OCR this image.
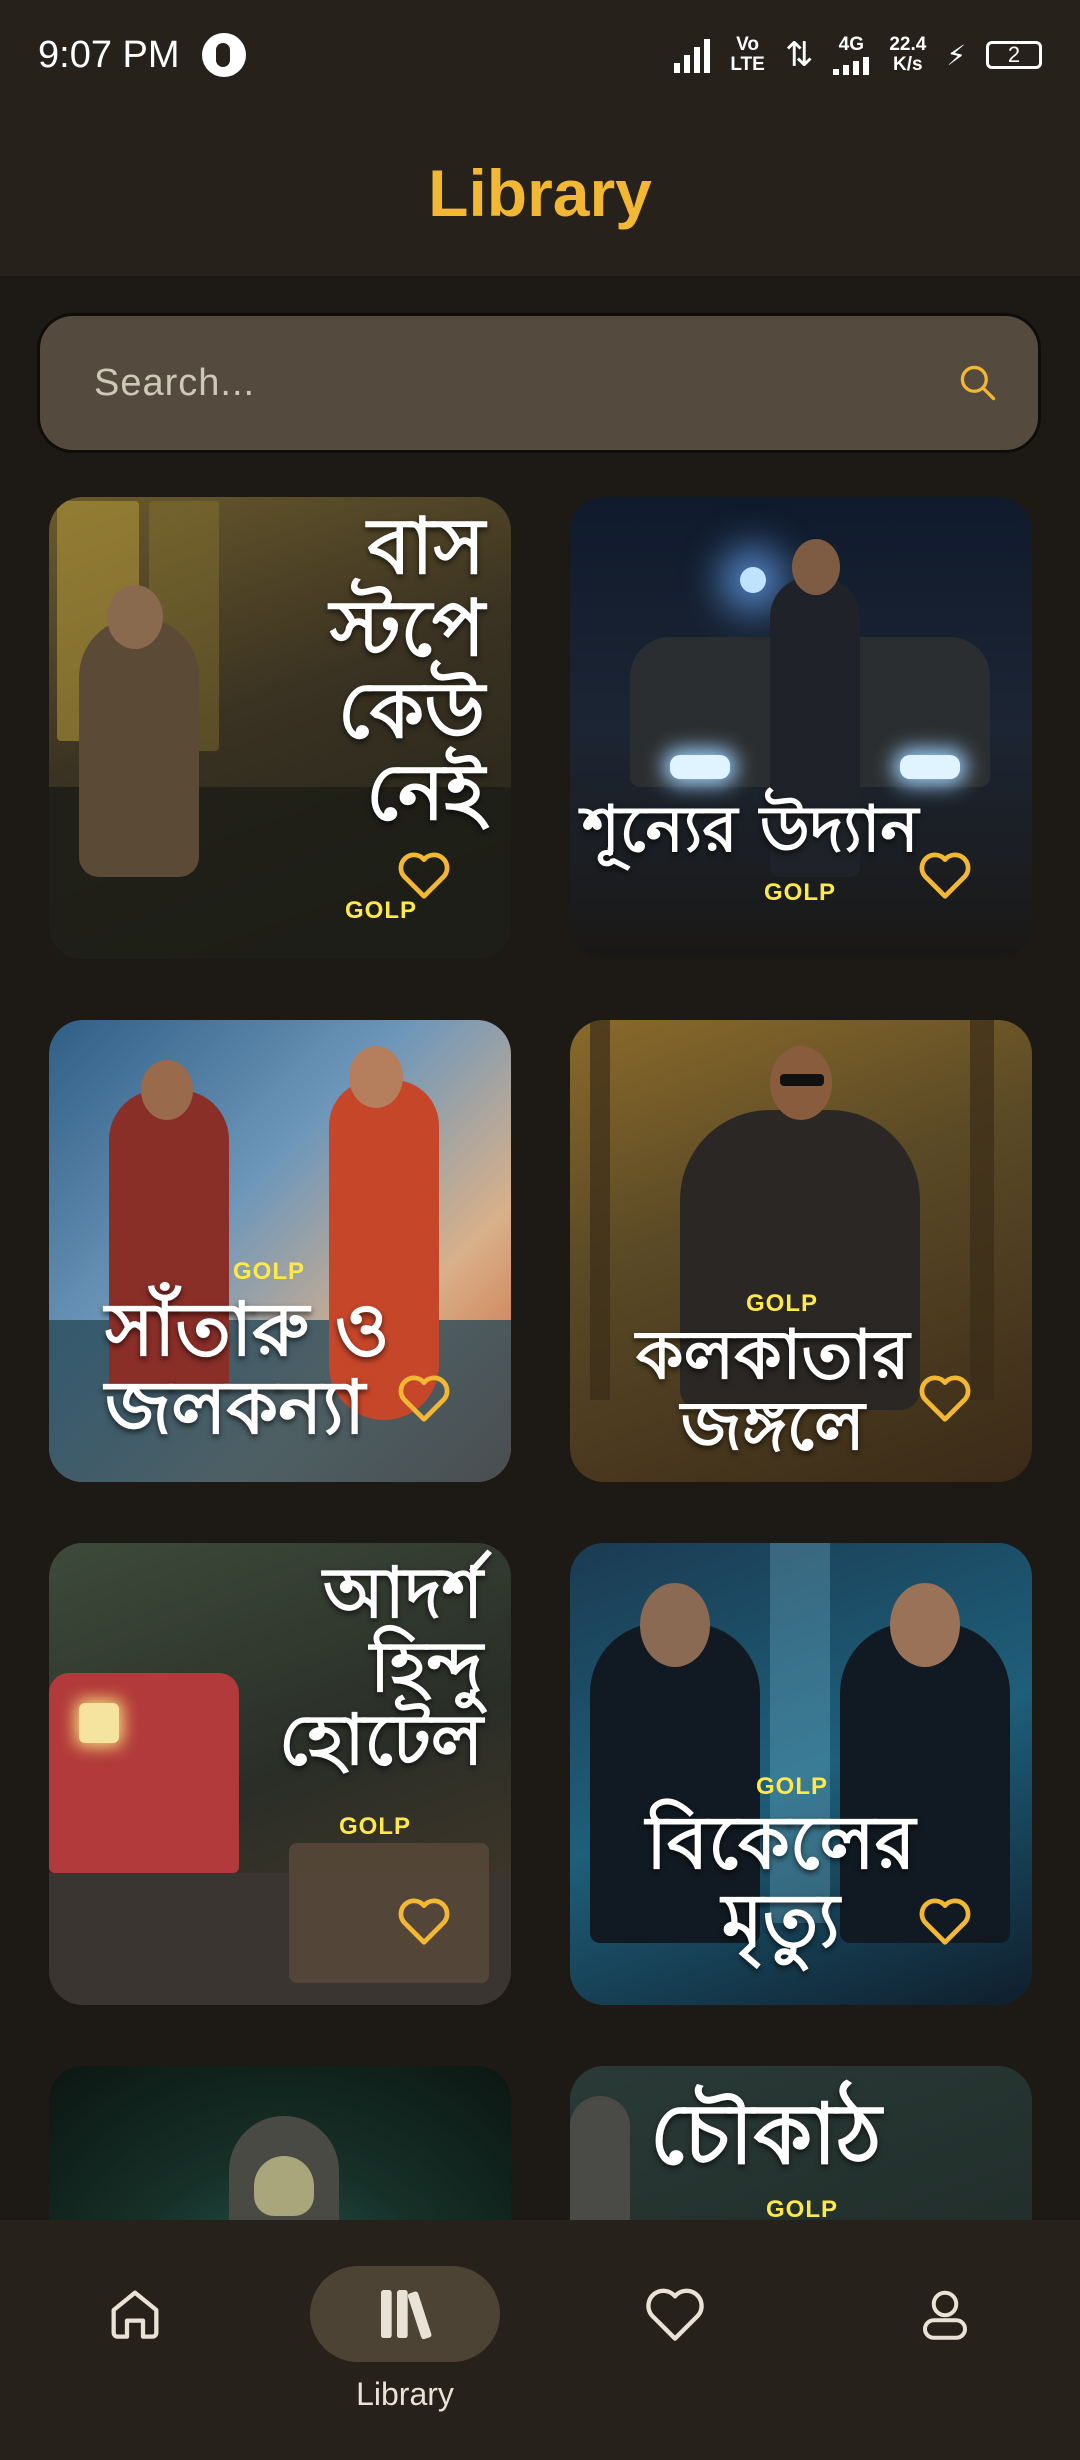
বাস
স্টপে
কেউ
নেই
GOLP
শূন্যের উদ্যান
GOLP
GOLP
সাঁতারু ও
জলকন্যা
GOLP
কলকাতার
জঙ্গলে
আদর্শ
হিন্দু
হোটেল
GOLP
GOLP
বিকেলের
মৃত্যু
চৌকাঠ
GOLP
9:07 PM	Vo
LTE ⇅ 4G 22.4
K/s ⚡ 2
Library
Search...
Library
